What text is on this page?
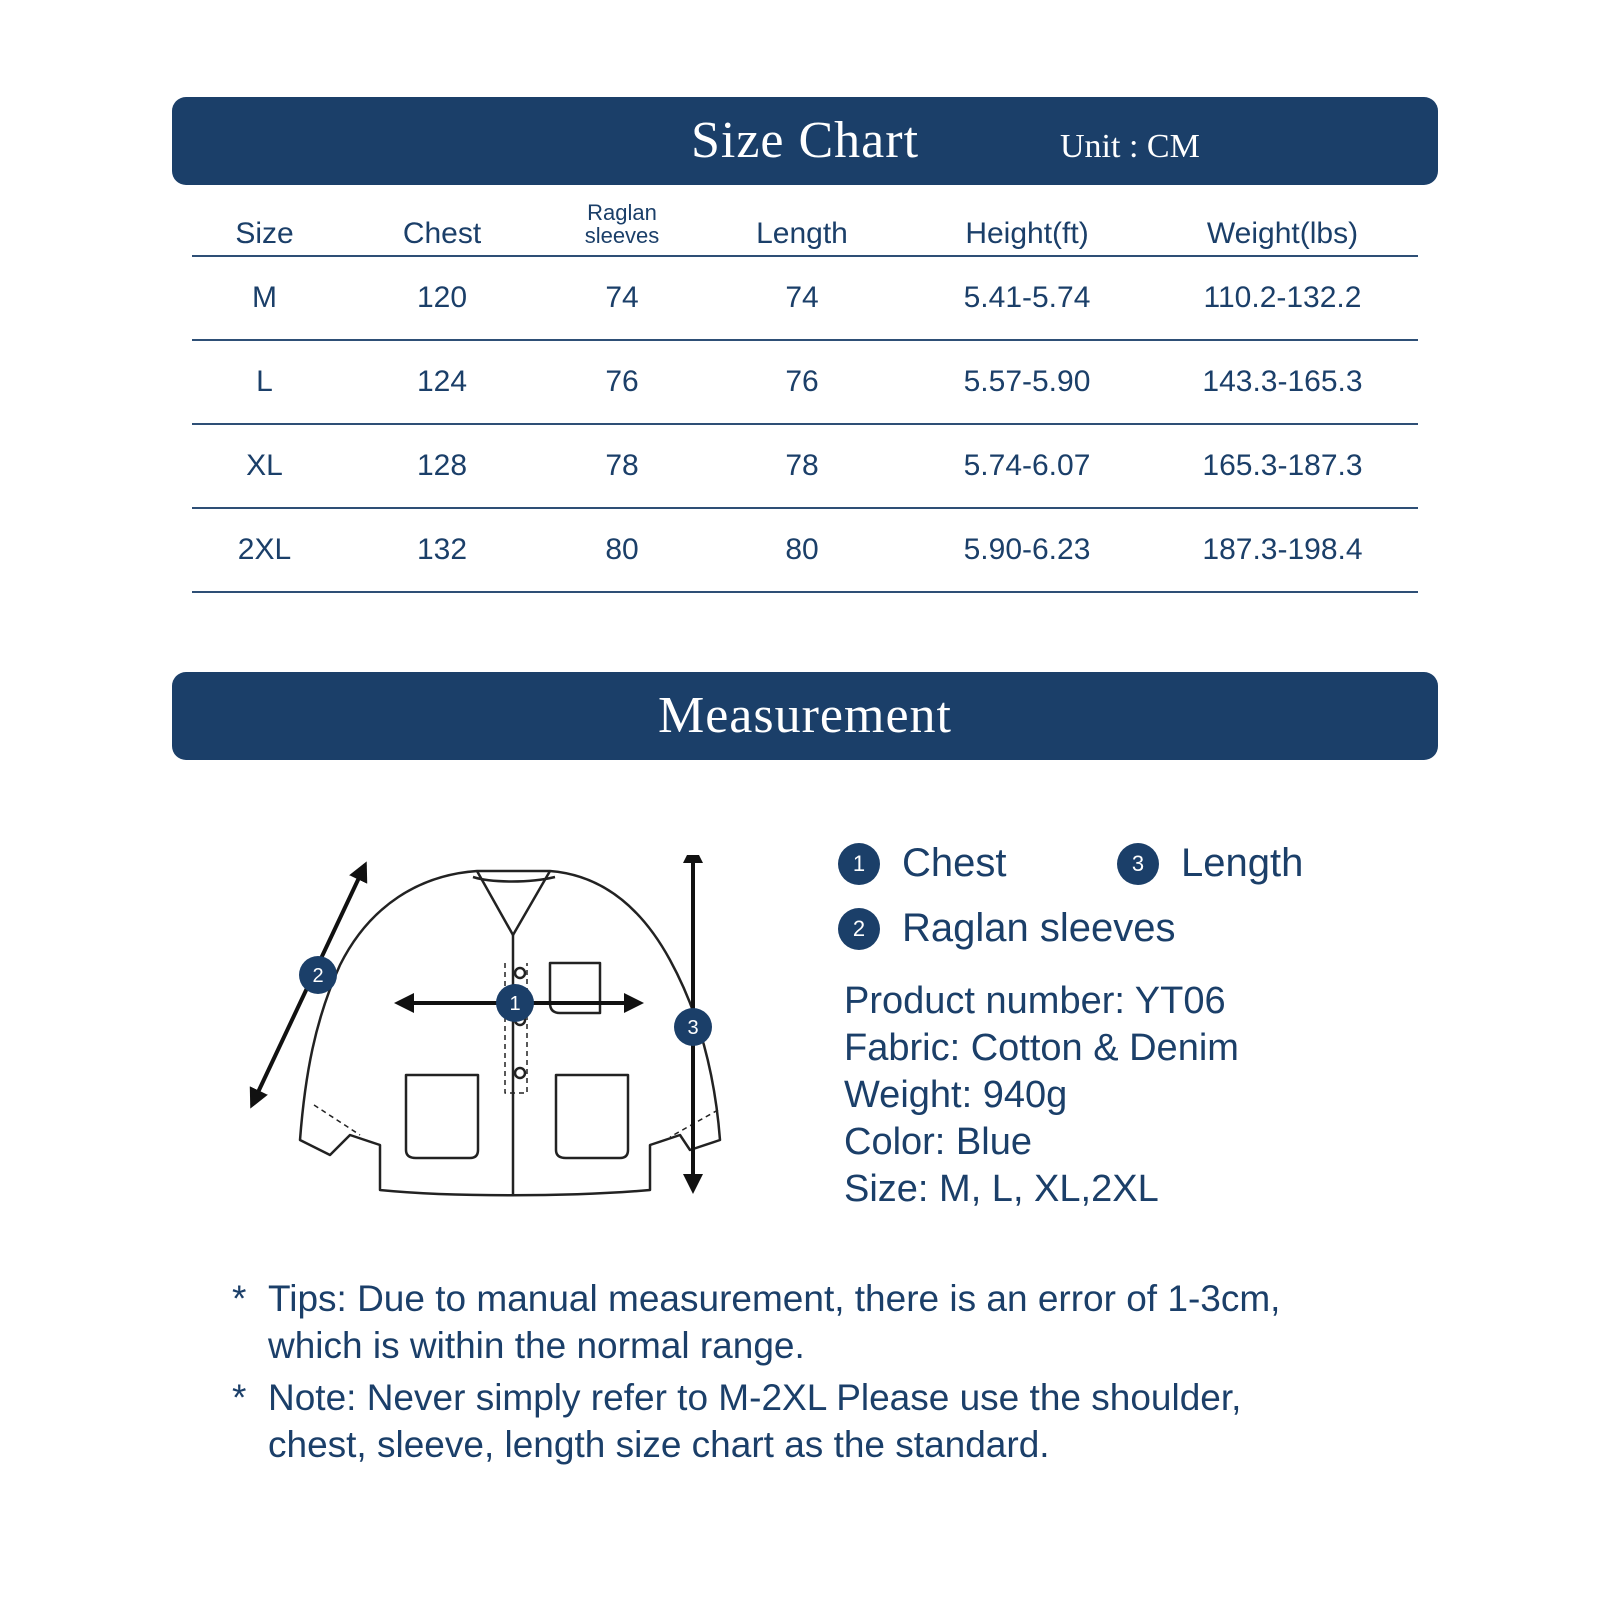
Size Chart	Unit : CM
Size	Chest	Raglan sleeves	Length	Height(ft)	Weight(lbs)
M	120	74	74	5.41-5.74	110.2-132.2
L	124	76	76	5.57-5.90	143.3-165.3
XL	128	78	78	5.74-6.07	165.3-187.3
2XL	132	80	80	5.90-6.23	187.3-198.4
Measurement
1
2
3
1 Chest	3 Length
2 Raglan sleeves
Product number: YT06
Fabric: Cotton & Denim
Weight: 940g
Color: Blue
Size: M, L, XL,2XL
* Tips: Due to manual measurement, there is an error of 1-3cm,
which is within the normal range.
* Note: Never simply refer to M-2XL Please use the shoulder,
chest, sleeve, length size chart as the standard.
